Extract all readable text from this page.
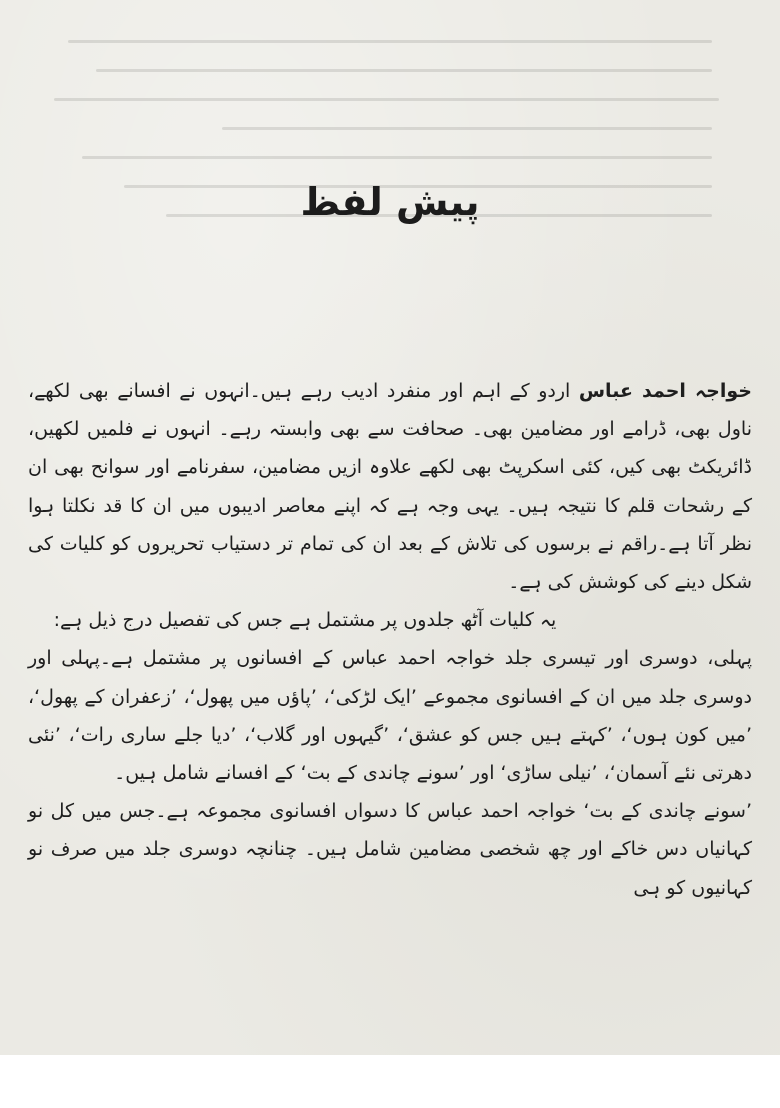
پیش لفظ

خواجہ احمد عباس اردو کے اہم اور منفرد ادیب رہے ہیں۔انہوں نے افسانے بھی لکھے، ناول بھی، ڈرامے اور مضامین بھی۔ صحافت سے بھی وابستہ رہے۔ انہوں نے فلمیں لکھیں، ڈائریکٹ بھی کیں، کئی اسکرپٹ بھی لکھے علاوہ ازیں مضامین، سفرنامے اور سوانح بھی ان کے رشحات قلم کا نتیجہ ہیں۔ یہی وجہ ہے کہ اپنے معاصر ادیبوں میں ان کا قد نکلتا ہوا نظر آتا ہے۔راقم نے برسوں کی تلاش کے بعد ان کی تمام تر دستیاب تحریروں کو کلیات کی شکل دینے کی کوشش کی ہے۔

یہ کلیات آٹھ جلدوں پر مشتمل ہے جس کی تفصیل درج ذیل ہے:

پہلی، دوسری اور تیسری جلد خواجہ احمد عباس کے افسانوں پر مشتمل ہے۔پہلی اور دوسری جلد میں ان کے افسانوی مجموعے ’ایک لڑکی‘، ’پاؤں میں پھول‘، ’زعفران کے پھول‘، ’میں کون ہوں‘، ’کہتے ہیں جس کو عشق‘، ’گیہوں اور گلاب‘، ’دیا جلے ساری رات‘، ’نئی دھرتی نئے آسمان‘، ’نیلی ساڑی‘ اور ’سونے چاندی کے بت‘ کے افسانے شامل ہیں۔

’سونے چاندی کے بت‘ خواجہ احمد عباس کا دسواں افسانوی مجموعہ ہے۔جس میں کل نو کہانیاں دس خاکے اور چھ شخصی مضامین شامل ہیں۔ چنانچہ دوسری جلد میں صرف نو کہانیوں کو ہی
